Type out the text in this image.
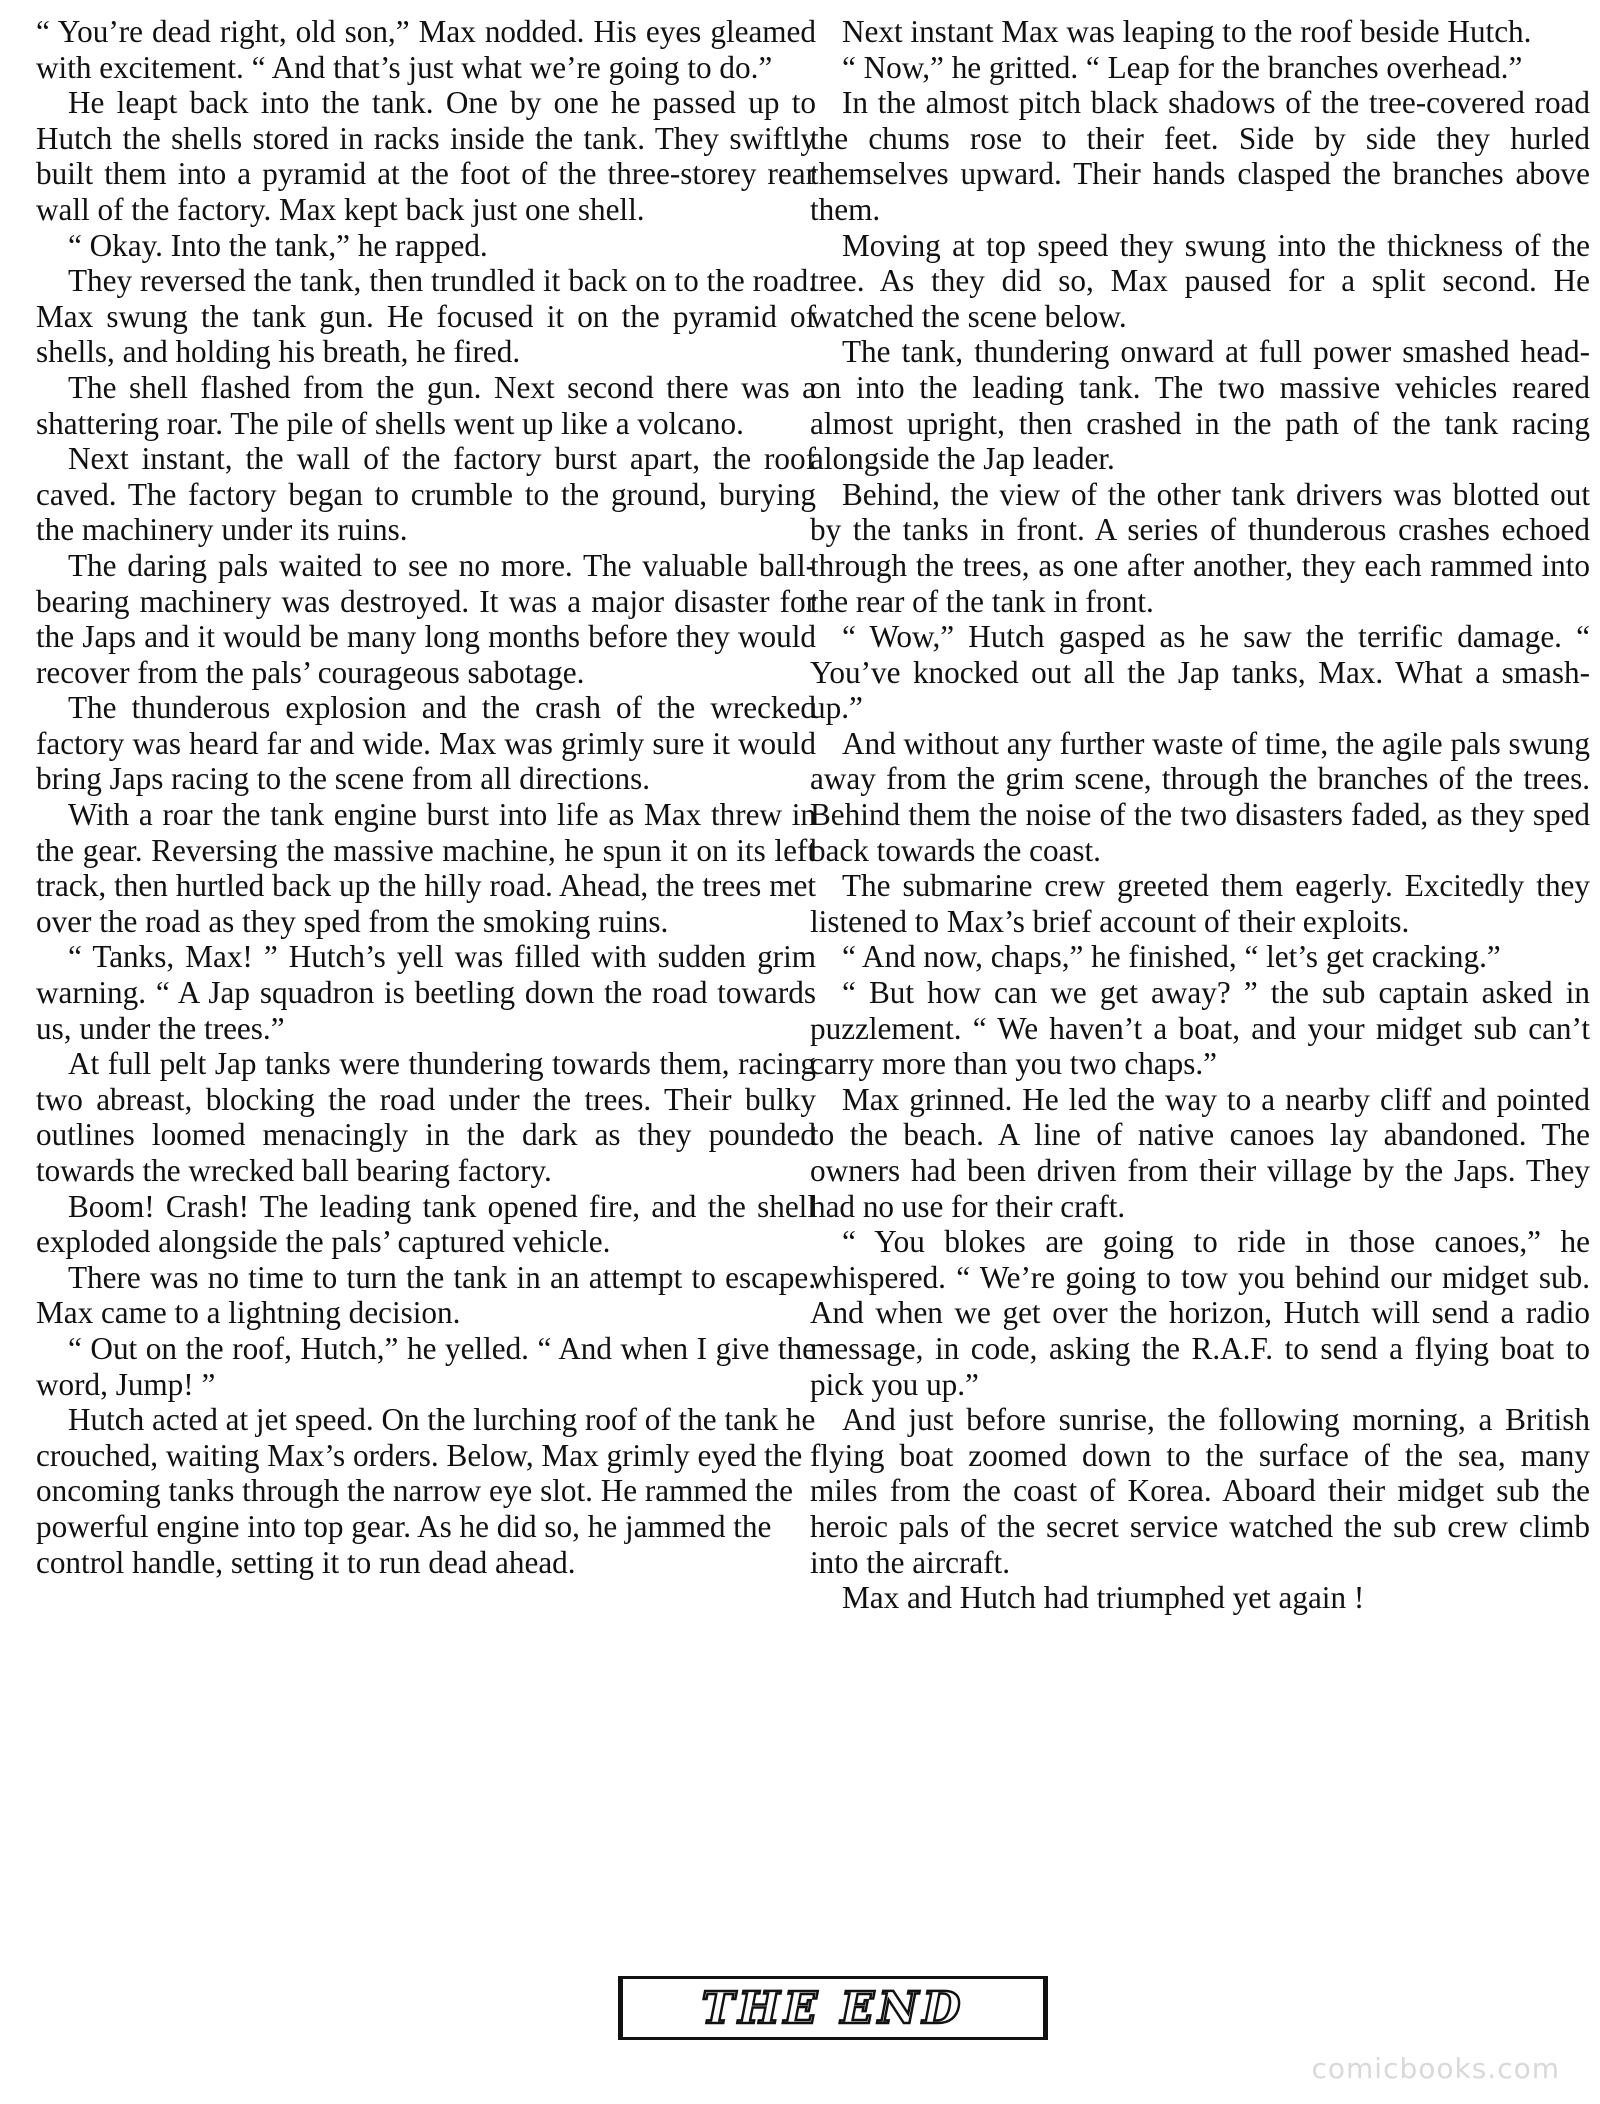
“ You’re dead right, old son,” Max nodded. His eyes gleamed with excitement. “ And that’s just what we’re going to do.”

He leapt back into the tank. One by one he passed up to Hutch the shells stored in racks inside the tank. They swiftly built them into a pyramid at the foot of the three-storey rear wall of the factory. Max kept back just one shell.

“ Okay. Into the tank,” he rapped.

They reversed the tank, then trundled it back on to the road. Max swung the tank gun. He focused it on the pyramid of shells, and holding his breath, he fired.

The shell flashed from the gun. Next second there was a shattering roar. The pile of shells went up like a volcano.

Next instant, the wall of the factory burst apart, the roof caved. The factory began to crumble to the ground, burying the machinery under its ruins.

The daring pals waited to see no more. The valuable ball-bearing machinery was destroyed. It was a major disaster for the Japs and it would be many long months before they would recover from the pals’ courageous sabotage.

The thunderous explosion and the crash of the wrecked factory was heard far and wide. Max was grimly sure it would bring Japs racing to the scene from all directions.

With a roar the tank engine burst into life as Max threw in the gear. Reversing the massive machine, he spun it on its left track, then hurtled back up the hilly road. Ahead, the trees met over the road as they sped from the smoking ruins.

“ Tanks, Max! ” Hutch’s yell was filled with sudden grim warning. “ A Jap squadron is beetling down the road towards us, under the trees.”

At full pelt Jap tanks were thundering towards them, racing two abreast, blocking the road under the trees. Their bulky outlines loomed menacingly in the dark as they pounded towards the wrecked ball bearing factory.

Boom! Crash! The leading tank opened fire, and the shell exploded alongside the pals’ captured vehicle.

There was no time to turn the tank in an attempt to escape. Max came to a lightning decision.

“ Out on the roof, Hutch,” he yelled. “ And when I give the word, Jump! ”

Hutch acted at jet speed. On the lurching roof of the tank he crouched, waiting Max’s orders. Below, Max grimly eyed the oncoming tanks through the narrow eye slot. He rammed the powerful engine into top gear. As he did so, he jammed the control handle, setting it to run dead ahead.

Next instant Max was leaping to the roof beside Hutch.

“ Now,” he gritted. “ Leap for the branches overhead.”

In the almost pitch black shadows of the tree-covered road the chums rose to their feet. Side by side they hurled themselves upward. Their hands clasped the branches above them.

Moving at top speed they swung into the thickness of the tree. As they did so, Max paused for a split second. He watched the scene below.

The tank, thundering onward at full power smashed head-on into the leading tank. The two massive vehicles reared almost upright, then crashed in the path of the tank racing alongside the Jap leader.

Behind, the view of the other tank drivers was blotted out by the tanks in front. A series of thunderous crashes echoed through the trees, as one after another, they each rammed into the rear of the tank in front.

“ Wow,” Hutch gasped as he saw the terrific damage. “ You’ve knocked out all the Jap tanks, Max. What a smash-up.”

And without any further waste of time, the agile pals swung away from the grim scene, through the branches of the trees. Behind them the noise of the two disasters faded, as they sped back towards the coast.

The submarine crew greeted them eagerly. Excitedly they listened to Max’s brief account of their exploits.

“ And now, chaps,” he finished, “ let’s get cracking.”

“ But how can we get away? ” the sub captain asked in puzzlement. “ We haven’t a boat, and your midget sub can’t carry more than you two chaps.”

Max grinned. He led the way to a nearby cliff and pointed to the beach. A line of native canoes lay abandoned. The owners had been driven from their village by the Japs. They had no use for their craft.

“ You blokes are going to ride in those canoes,” he whispered. “ We’re going to tow you behind our midget sub. And when we get over the horizon, Hutch will send a radio message, in code, asking the R.A.F. to send a flying boat to pick you up.”

And just before sunrise, the following morning, a British flying boat zoomed down to the surface of the sea, many miles from the coast of Korea. Aboard their midget sub the heroic pals of the secret service watched the sub crew climb into the aircraft.

Max and Hutch had triumphed yet again !

THE END
comicbooks.com
